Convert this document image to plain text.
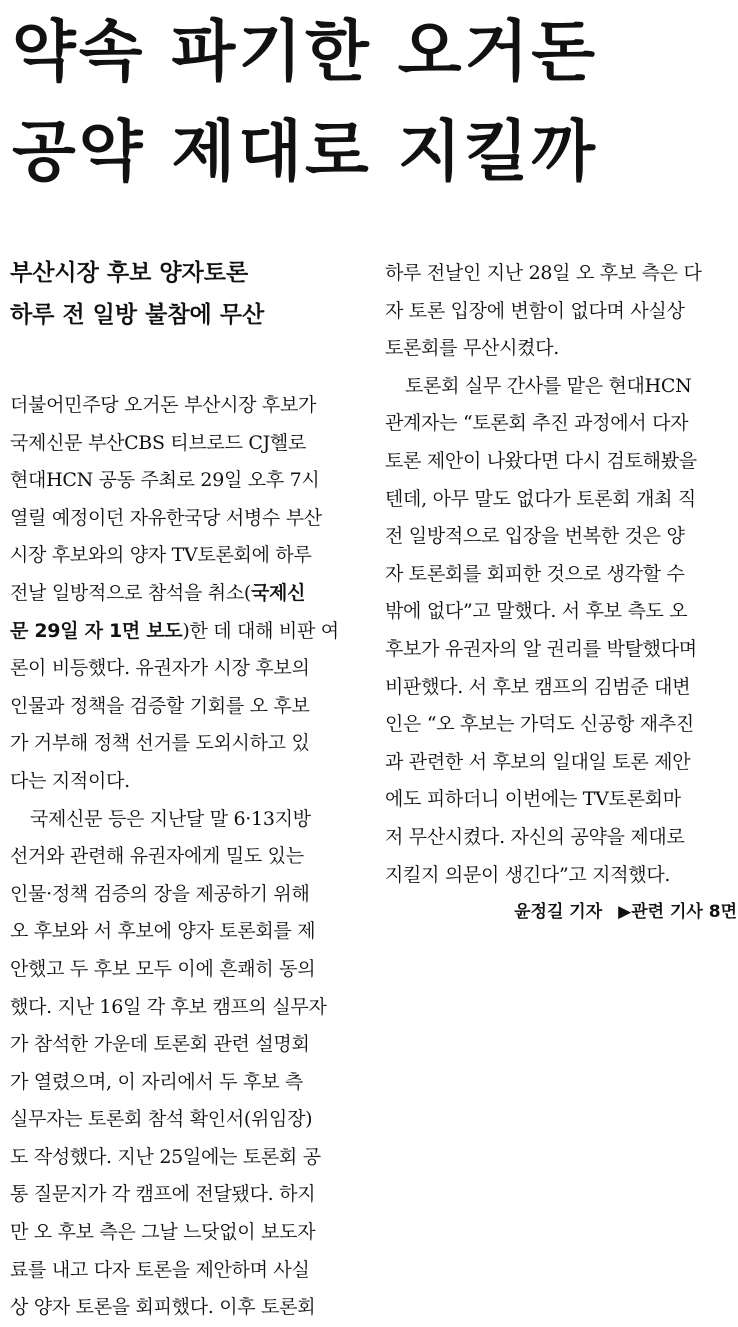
약속 파기한 오거돈
공약 제대로 지킬까
부산시장 후보 양자토론
하루 전 일방 불참에 무산
더불어민주당 오거돈 부산시장 후보가
국제신문 부산CBS 티브로드 CJ헬로
현대HCN 공동 주최로 29일 오후 7시
열릴 예정이던 자유한국당 서병수 부산
시장 후보와의 양자 TV토론회에 하루
전날 일방적으로 참석을 취소(국제신
문 29일 자 1면 보도)한 데 대해 비판 여
론이 비등했다. 유권자가 시장 후보의
인물과 정책을 검증할 기회를 오 후보
가 거부해 정책 선거를 도외시하고 있
다는 지적이다.
국제신문 등은 지난달 말 6·13지방
선거와 관련해 유권자에게 밀도 있는
인물·정책 검증의 장을 제공하기 위해
오 후보와 서 후보에 양자 토론회를 제
안했고 두 후보 모두 이에 흔쾌히 동의
했다. 지난 16일 각 후보 캠프의 실무자
가 참석한 가운데 토론회 관련 설명회
가 열렸으며, 이 자리에서 두 후보 측
실무자는 토론회 참석 확인서(위임장)
도 작성했다. 지난 25일에는 토론회 공
통 질문지가 각 캠프에 전달됐다. 하지
만 오 후보 측은 그날 느닷없이 보도자
료를 내고 다자 토론을 제안하며 사실
상 양자 토론을 회피했다. 이후 토론회
하루 전날인 지난 28일 오 후보 측은 다
자 토론 입장에 변함이 없다며 사실상
토론회를 무산시켰다.
토론회 실무 간사를 맡은 현대HCN
관계자는 “토론회 추진 과정에서 다자
토론 제안이 나왔다면 다시 검토해봤을
텐데, 아무 말도 없다가 토론회 개최 직
전 일방적으로 입장을 번복한 것은 양
자 토론회를 회피한 것으로 생각할 수
밖에 없다”고 말했다. 서 후보 측도 오
후보가 유권자의 알 권리를 박탈했다며
비판했다. 서 후보 캠프의 김범준 대변
인은 “오 후보는 가덕도 신공항 재추진
과 관련한 서 후보의 일대일 토론 제안
에도 피하더니 이번에는 TV토론회마
저 무산시켰다. 자신의 공약을 제대로
지킬지 의문이 생긴다”고 지적했다.
윤정길 기자 ▶관련 기사 8면
